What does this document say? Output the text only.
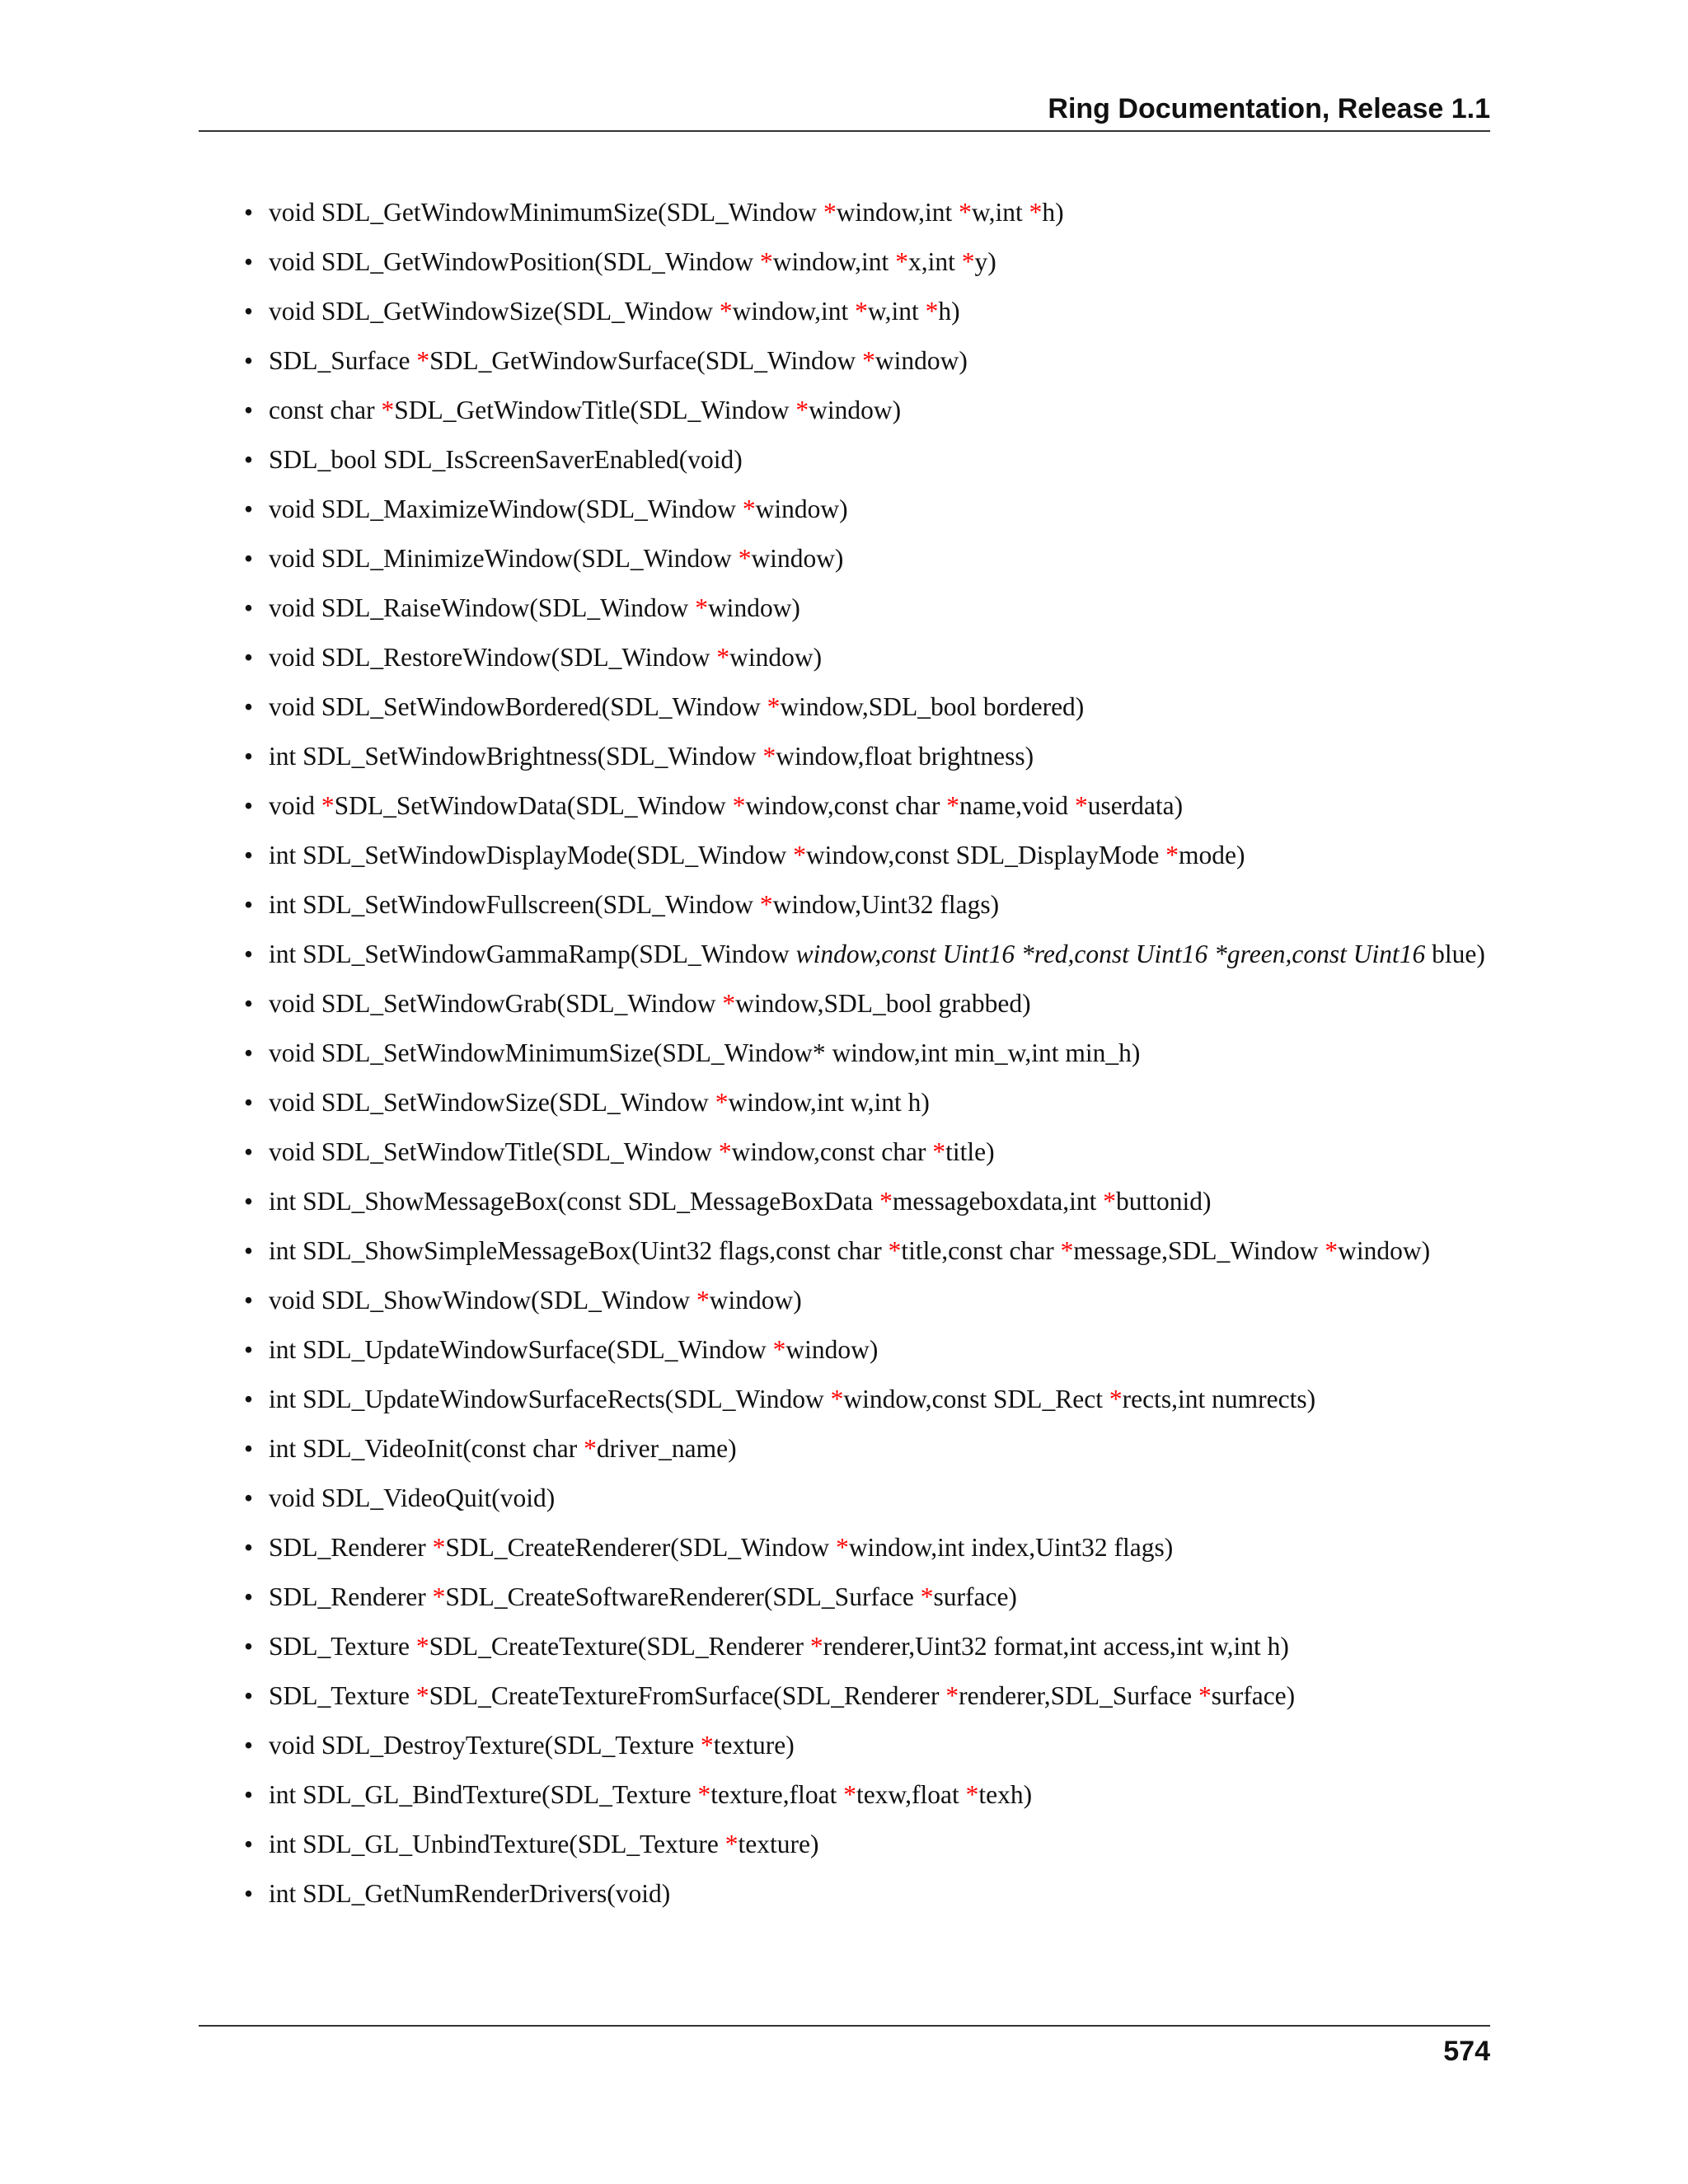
Ring Documentation, Release 1.1
• void SDL_GetWindowMinimumSize(SDL_Window *window,int *w,int *h)
• void SDL_GetWindowPosition(SDL_Window *window,int *x,int *y)
• void SDL_GetWindowSize(SDL_Window *window,int *w,int *h)
• SDL_Surface *SDL_GetWindowSurface(SDL_Window *window)
• const char *SDL_GetWindowTitle(SDL_Window *window)
• SDL_bool SDL_IsScreenSaverEnabled(void)
• void SDL_MaximizeWindow(SDL_Window *window)
• void SDL_MinimizeWindow(SDL_Window *window)
• void SDL_RaiseWindow(SDL_Window *window)
• void SDL_RestoreWindow(SDL_Window *window)
• void SDL_SetWindowBordered(SDL_Window *window,SDL_bool bordered)
• int SDL_SetWindowBrightness(SDL_Window *window,float brightness)
• void *SDL_SetWindowData(SDL_Window *window,const char *name,void *userdata)
• int SDL_SetWindowDisplayMode(SDL_Window *window,const SDL_DisplayMode *mode)
• int SDL_SetWindowFullscreen(SDL_Window *window,Uint32 flags)
• int SDL_SetWindowGammaRamp(SDL_Window window,const Uint16 *red,const Uint16 *green,const Uint16 blue)
• void SDL_SetWindowGrab(SDL_Window *window,SDL_bool grabbed)
• void SDL_SetWindowMinimumSize(SDL_Window* window,int min_w,int min_h)
• void SDL_SetWindowSize(SDL_Window *window,int w,int h)
• void SDL_SetWindowTitle(SDL_Window *window,const char *title)
• int SDL_ShowMessageBox(const SDL_MessageBoxData *messageboxdata,int *buttonid)
• int SDL_ShowSimpleMessageBox(Uint32 flags,const char *title,const char *message,SDL_Window *window)
• void SDL_ShowWindow(SDL_Window *window)
• int SDL_UpdateWindowSurface(SDL_Window *window)
• int SDL_UpdateWindowSurfaceRects(SDL_Window *window,const SDL_Rect *rects,int numrects)
• int SDL_VideoInit(const char *driver_name)
• void SDL_VideoQuit(void)
• SDL_Renderer *SDL_CreateRenderer(SDL_Window *window,int index,Uint32 flags)
• SDL_Renderer *SDL_CreateSoftwareRenderer(SDL_Surface *surface)
• SDL_Texture *SDL_CreateTexture(SDL_Renderer *renderer,Uint32 format,int access,int w,int h)
• SDL_Texture *SDL_CreateTextureFromSurface(SDL_Renderer *renderer,SDL_Surface *surface)
• void SDL_DestroyTexture(SDL_Texture *texture)
• int SDL_GL_BindTexture(SDL_Texture *texture,float *texw,float *texh)
• int SDL_GL_UnbindTexture(SDL_Texture *texture)
• int SDL_GetNumRenderDrivers(void)
574
